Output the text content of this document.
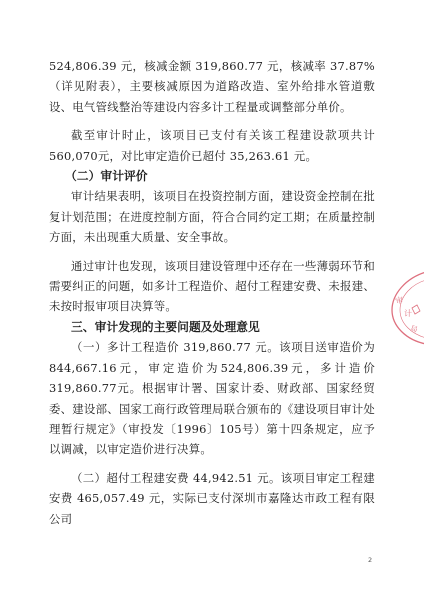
524,806.39 元，核减金额 319,860.77 元，核减率 37.87%（详见附表），主要核减原因为道路改造、室外给排水管道敷设、电气管线整治等建设内容多计工程量或调整部分单价。

截至审计时止，该项目已支付有关该工程建设款项共计560,070元，对比审定造价已超付 35,263.61 元。

（二）审计评价

审计结果表明，该项目在投资控制方面，建设资金控制在批复计划范围；在进度控制方面，符合合同约定工期；在质量控制方面，未出现重大质量、安全事故。

通过审计也发现，该项目建设管理中还存在一些薄弱环节和需要纠正的问题，如多计工程造价、超付工程建安费、未报建、未按时报审项目决算等。

三、审计发现的主要问题及处理意见

（一）多计工程造价 319,860.77 元。该项目送审造价为844,667.16元，审定造价为524,806.39元，多计造价319,860.77元。根据审计署、国家计委、财政部、国家经贸委、建设部、国家工商行政管理局联合颁布的《建设项目审计处理暂行规定》（审投发〔1996〕105号）第十四条规定，应予以调减，以审定造价进行决算。

（二）超付工程建安费 44,942.51 元。该项目审定工程建安费 465,057.49 元，实际已支付深圳市嘉隆达市政工程有限公司

审
计
局
2
